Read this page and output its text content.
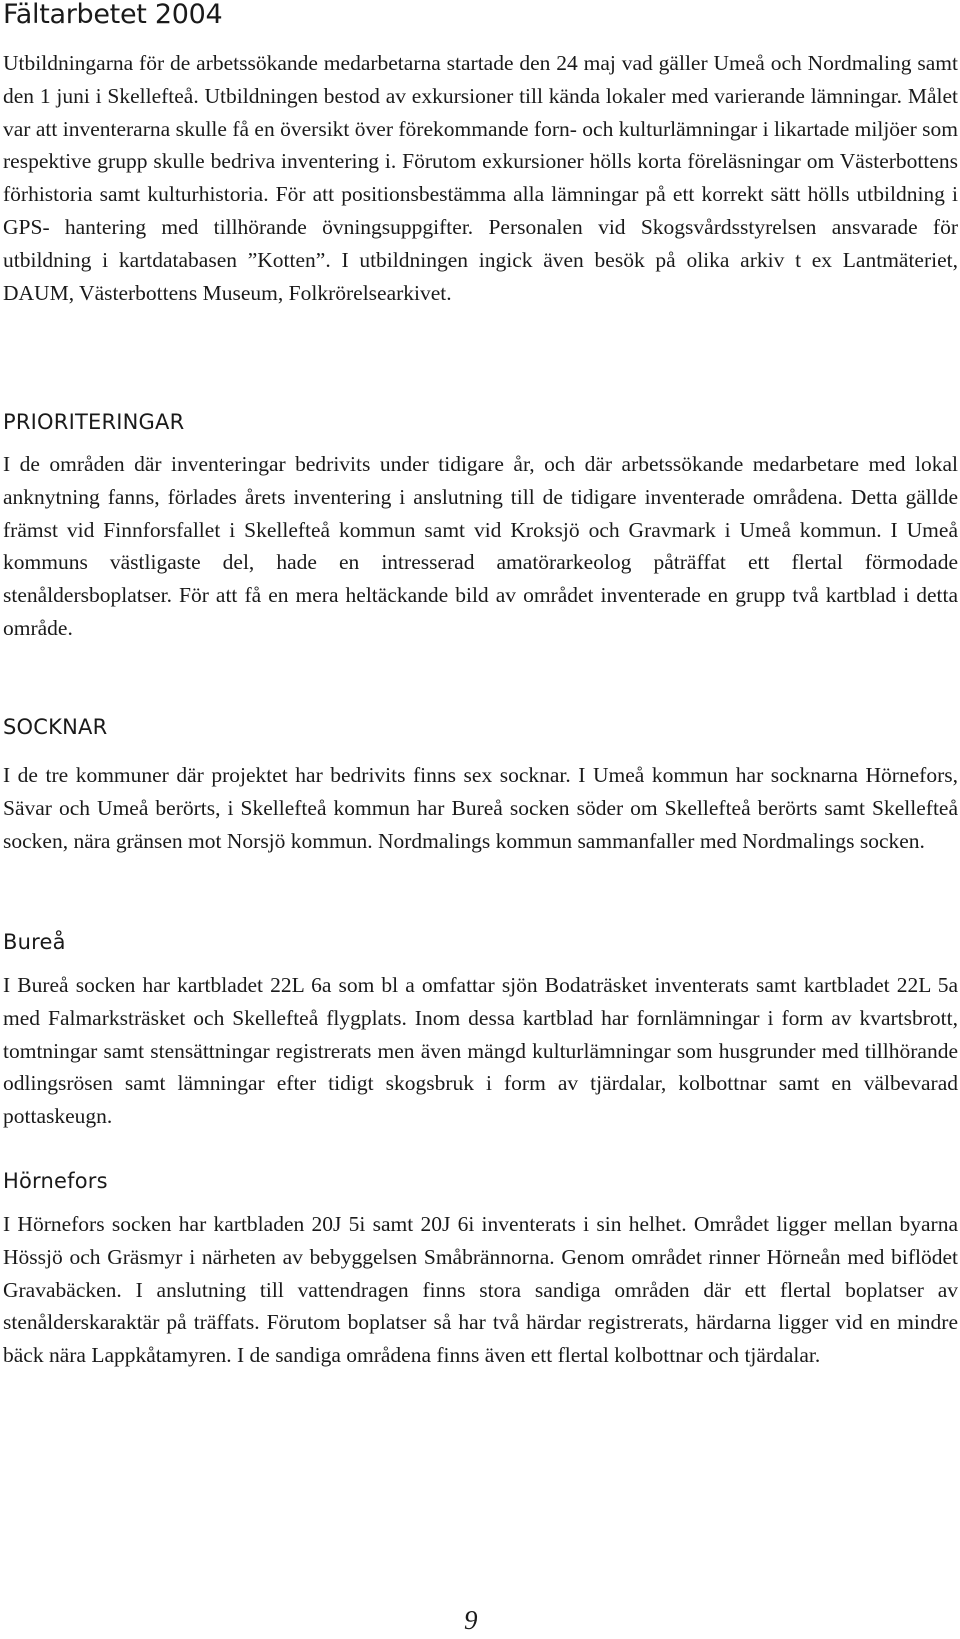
Fältarbetet 2004

Utbildningarna för de arbetssökande medarbetarna startade den 24 maj vad gäller Umeå och Nordmaling samt den 1 juni i Skellefteå. Utbildningen bestod av exkursioner till kända lokaler med varierande lämningar. Målet var att inventerarna skulle få en översikt över förekommande forn- och kulturlämningar i likartade miljöer som respektive grupp skulle bedriva inventering i. Förutom exkursioner hölls korta föreläsningar om Västerbottens förhistoria samt kulturhistoria. För att positionsbestämma alla lämningar på ett korrekt sätt hölls utbildning i GPS- hantering med tillhörande övningsuppgifter. Personalen vid Skogsvårdsstyrelsen ansvarade för utbildning i kartdatabasen ”Kotten”. I utbildningen ingick även besök på olika arkiv t ex Lantmäteriet, DAUM, Västerbottens Museum, Folkrörelsearkivet.

PRIORITERINGAR

I de områden där inventeringar bedrivits under tidigare år, och där arbetssökande medarbetare med lokal anknytning fanns, förlades årets inventering i anslutning till de tidigare inventerade områdena. Detta gällde främst vid Finnforsfallet i Skellefteå kommun samt vid Kroksjö och Gravmark i Umeå kommun. I Umeå kommuns västligaste del, hade en intresserad amatörarkeolog påträffat ett flertal förmodade stenåldersboplatser. För att få en mera heltäckande bild av området inventerade en grupp två kartblad i detta område.

SOCKNAR

I de tre kommuner där projektet har bedrivits finns sex socknar. I Umeå kommun har socknarna Hörnefors, Sävar och Umeå berörts, i Skellefteå kommun har Bureå socken söder om Skellefteå berörts samt Skellefteå socken, nära gränsen mot Norsjö kommun. Nordmalings kommun sammanfaller med Nordmalings socken.

Bureå

I Bureå socken har kartbladet 22L 6a som bl a omfattar sjön Bodaträsket inventerats samt kartbladet 22L 5a med Falmarksträsket och Skellefteå flygplats. Inom dessa kartblad har fornlämningar i form av kvartsbrott, tomtningar samt stensättningar registrerats men även mängd kulturlämningar som husgrunder med tillhörande odlingsrösen samt lämningar efter tidigt skogsbruk i form av tjärdalar, kolbottnar samt en välbevarad pottaskeugn.

Hörnefors

I Hörnefors socken har kartbladen 20J 5i samt 20J 6i inventerats i sin helhet. Området ligger mellan byarna Hössjö och Gräsmyr i närheten av bebyggelsen Småbrännorna. Genom området rinner Hörneån med biflödet Gravabäcken. I anslutning till vattendragen finns stora sandiga områden där ett flertal boplatser av stenålderskaraktär på träffats. Förutom boplatser så har två härdar registrerats, härdarna ligger vid en mindre bäck nära Lappkåtamyren. I de sandiga områdena finns även ett flertal kolbottnar och tjärdalar.

9
